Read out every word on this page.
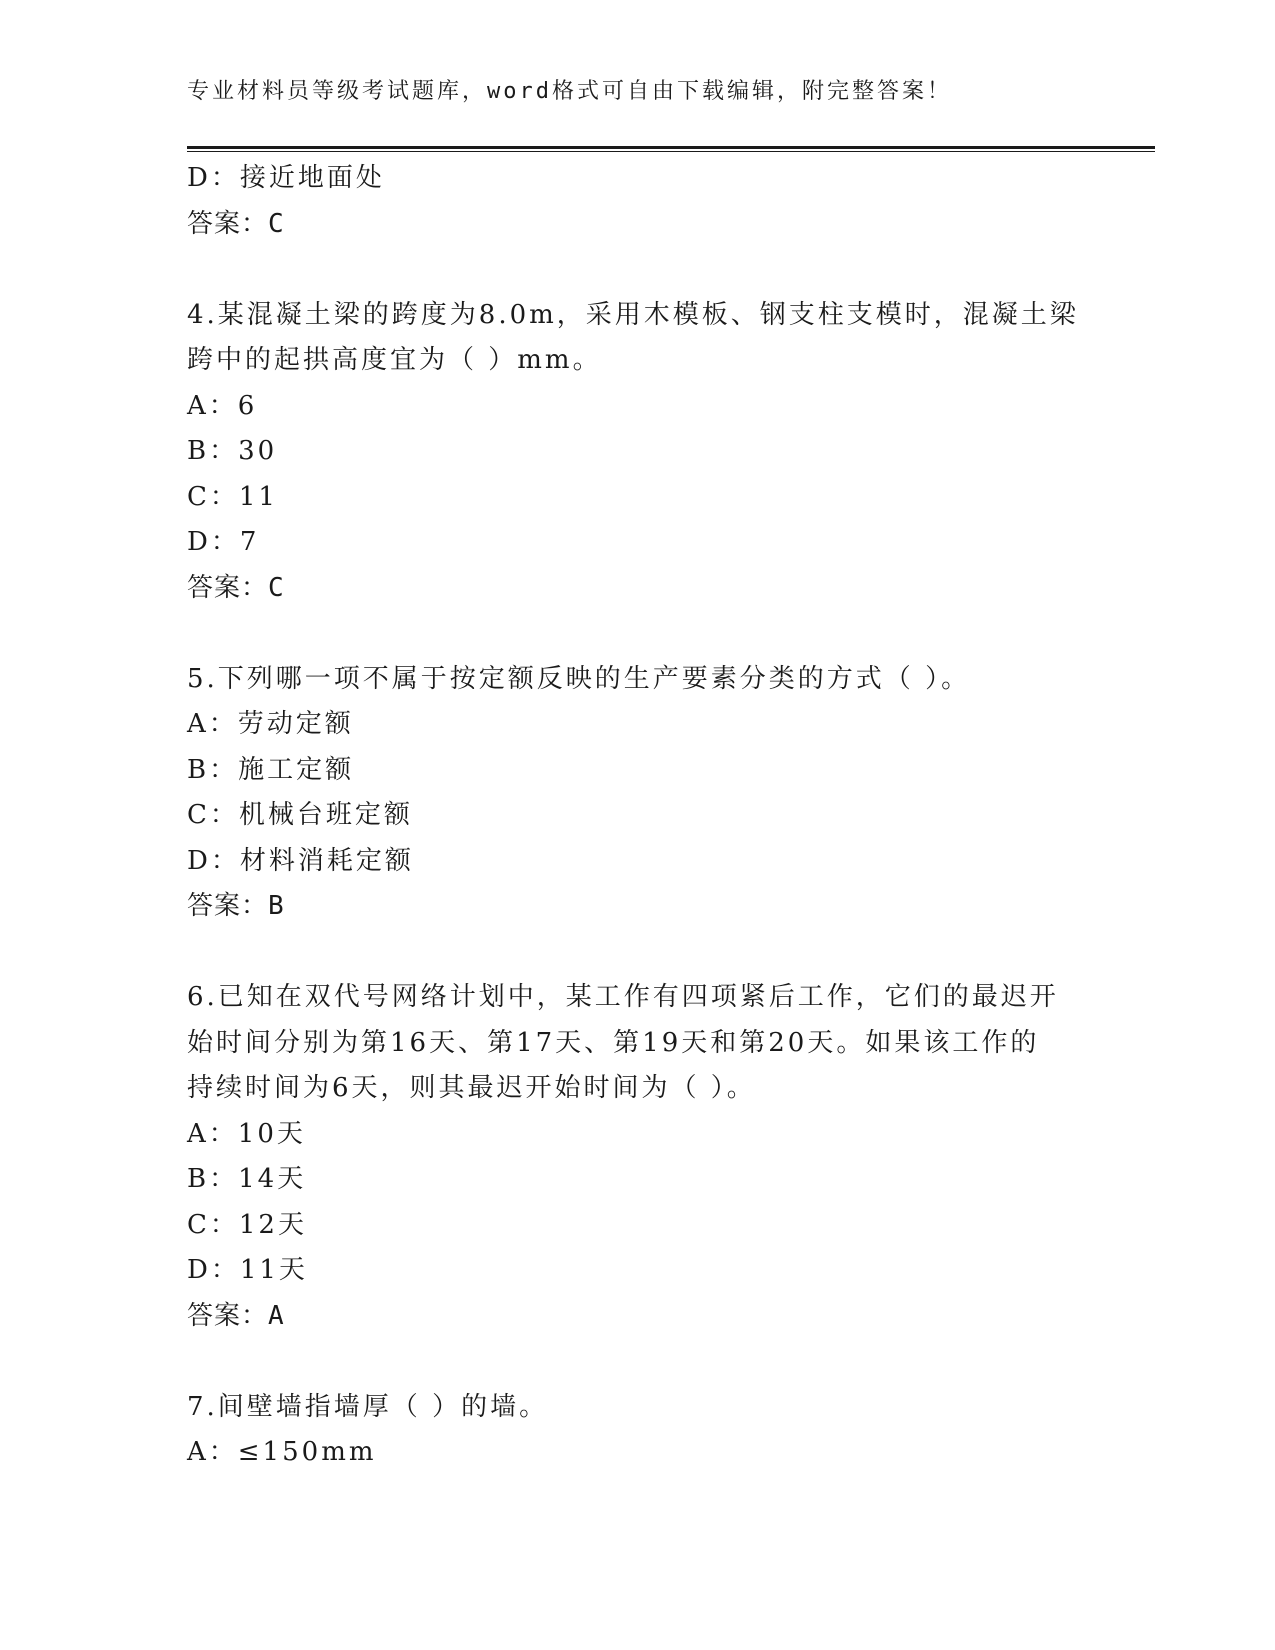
专业材料员等级考试题库，word格式可自由下载编辑，附完整答案！
D：接近地面处
答案：C
4.某混凝土梁的跨度为8.0m，采用木模板、钢支柱支模时，混凝土梁
跨中的起拱高度宜为（ ）mm。
A：6
B：30
C：11
D：7
答案：C
5.下列哪一项不属于按定额反映的生产要素分类的方式（ ）。
A：劳动定额
B：施工定额
C：机械台班定额
D：材料消耗定额
答案：B
6.已知在双代号网络计划中，某工作有四项紧后工作，它们的最迟开
始时间分别为第16天、第17天、第19天和第20天。如果该工作的
持续时间为6天，则其最迟开始时间为（ ）。
A：10天
B：14天
C：12天
D：11天
答案：A
7.间壁墙指墙厚（ ）的墙。
A：≤150mm
